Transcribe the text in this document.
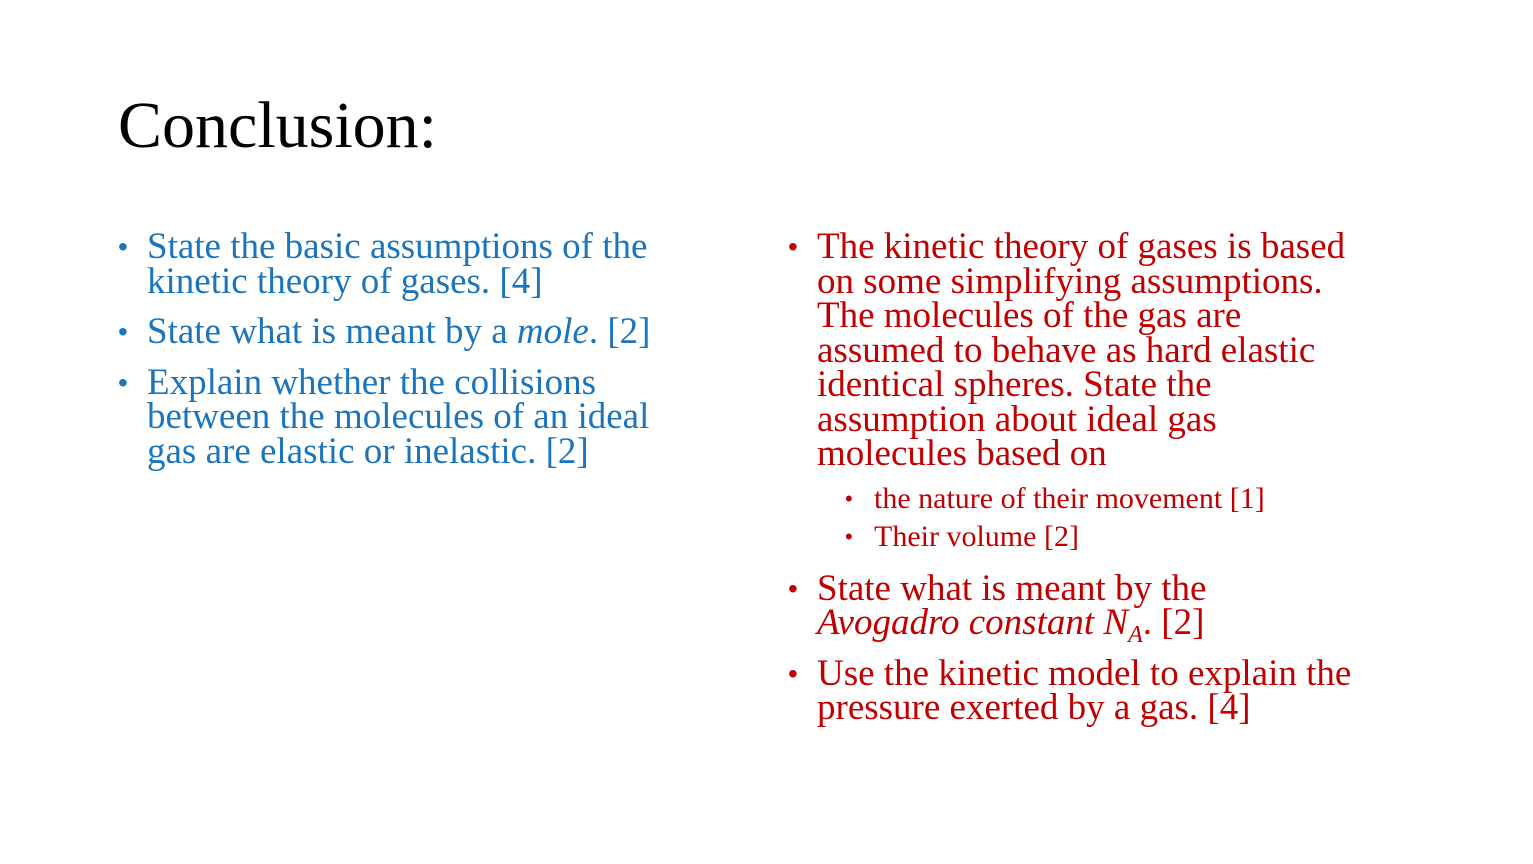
Conclusion:
• State the basic assumptions of the
kinetic theory of gases. [4]
• State what is meant by a mole. [2]
• Explain whether the collisions
between the molecules of an ideal
gas are elastic or inelastic. [2]
• The kinetic theory of gases is based
on some simplifying assumptions.
The molecules of the gas are
assumed to behave as hard elastic
identical spheres. State the
assumption about ideal gas
molecules based on
• the nature of their movement [1]
• Their volume [2]
• State what is meant by the
Avogadro constant $N_A$. [2]
• Use the kinetic model to explain the
pressure exerted by a gas. [4]
